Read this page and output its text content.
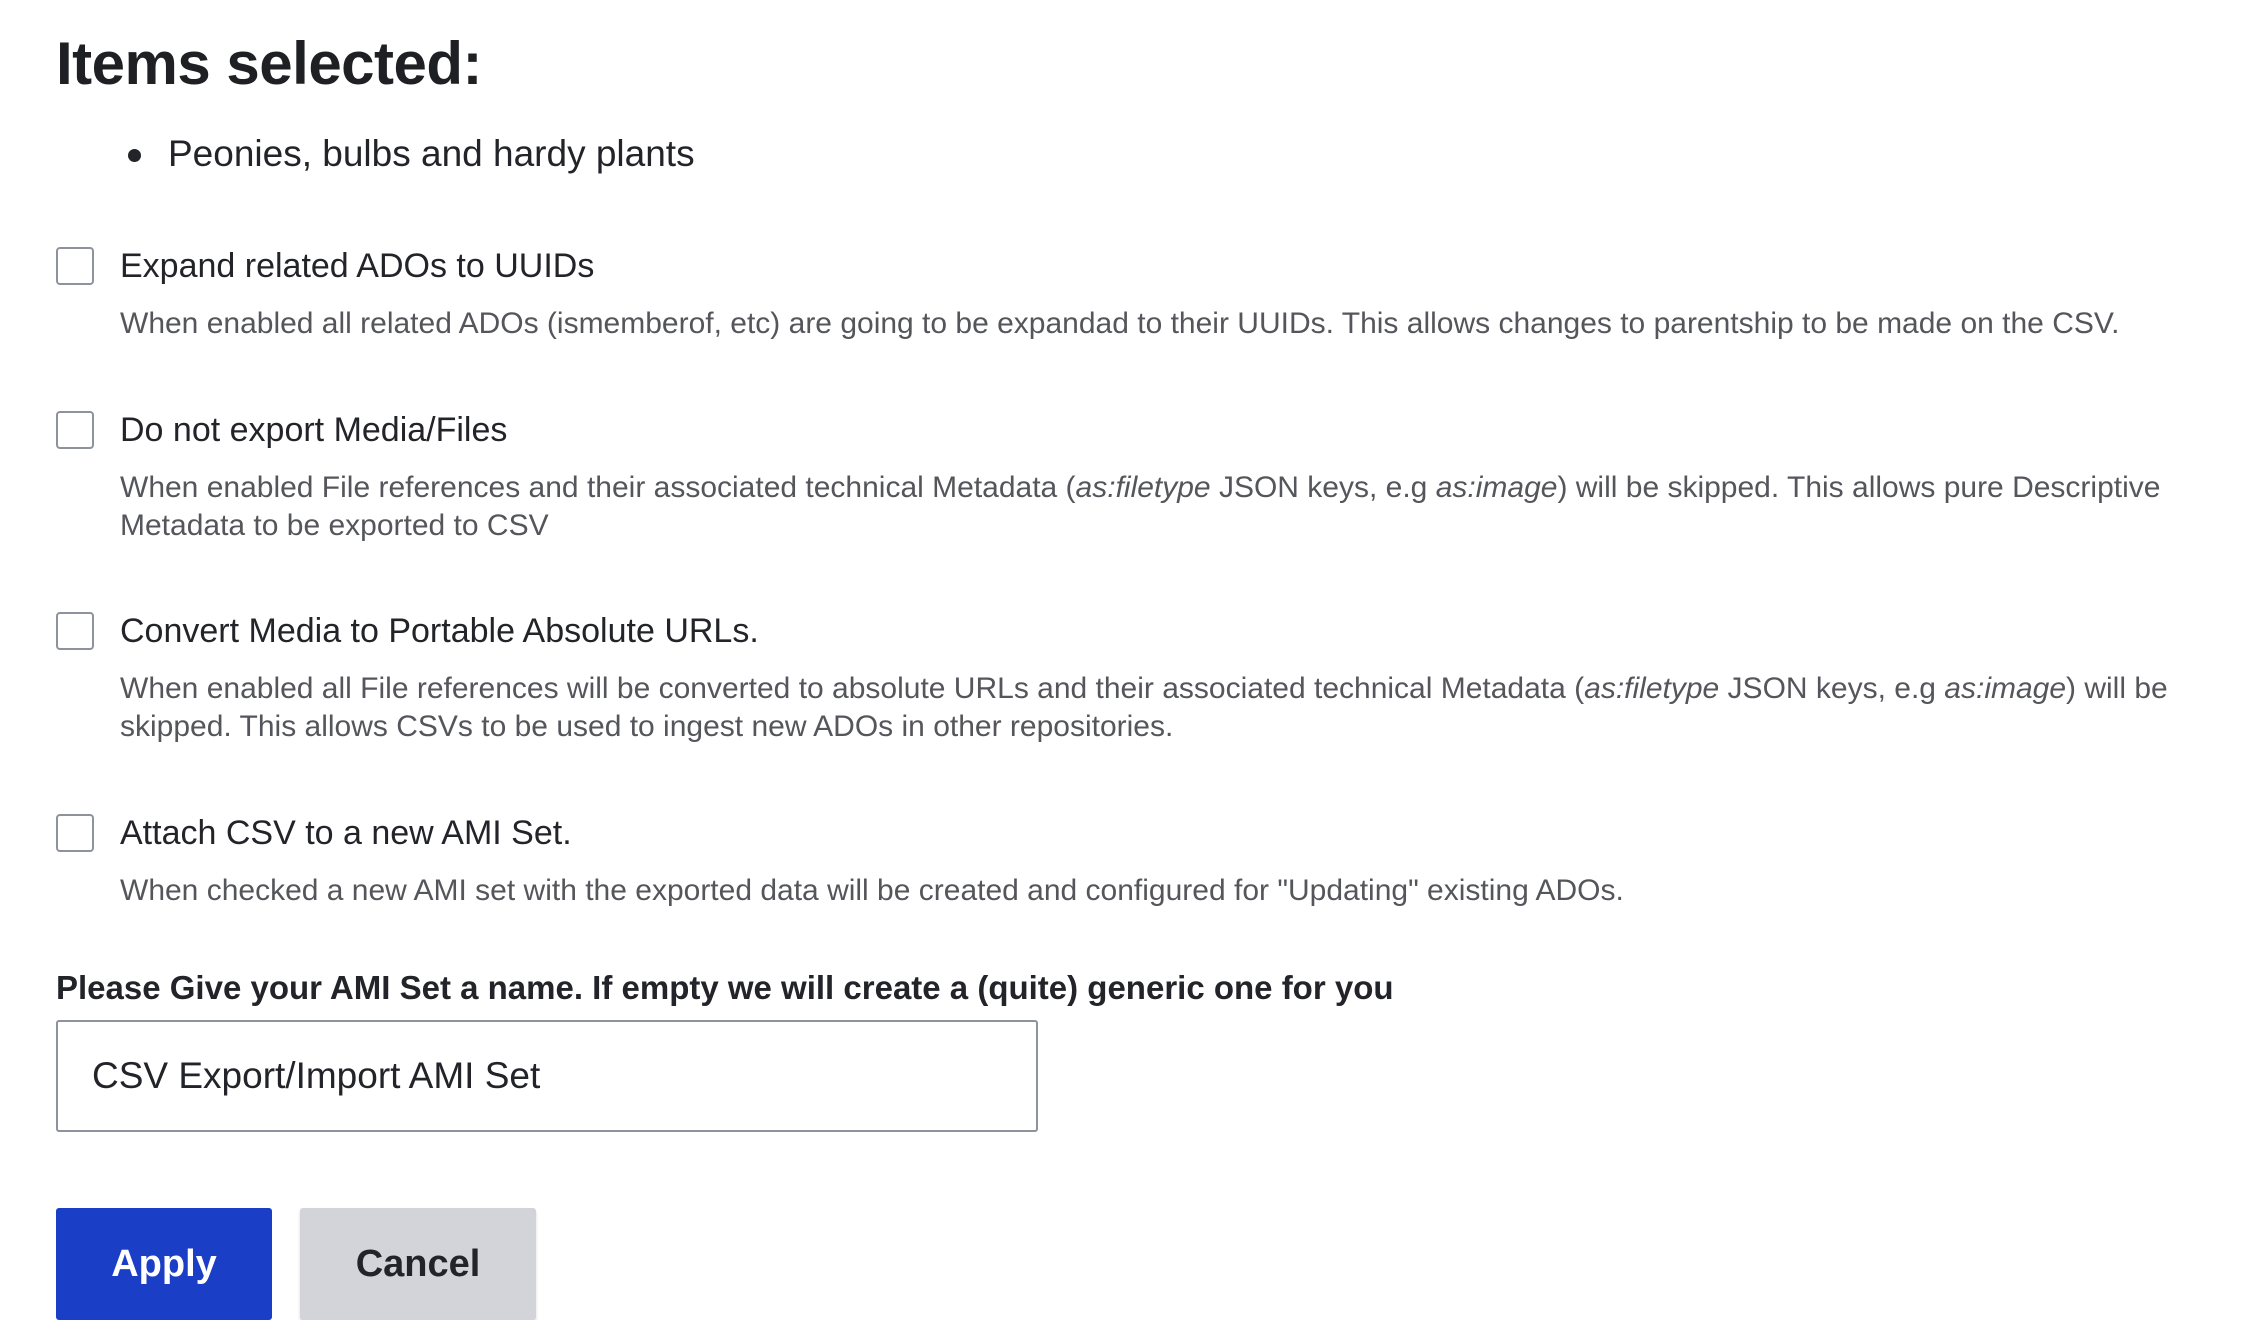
Items selected:
Peonies, bulbs and hardy plants
Expand related ADOs to UUIDs
When enabled all related ADOs (ismemberof, etc) are going to be expandad to their UUIDs. This allows changes to parentship to be made on the CSV.
Do not export Media/Files
When enabled File references and their associated technical Metadata (as:filetype JSON keys, e.g as:image) will be skipped. This allows pure Descriptive Metadata to be exported to CSV
Convert Media to Portable Absolute URLs.
When enabled all File references will be converted to absolute URLs and their associated technical Metadata (as:filetype JSON keys, e.g as:image) will be skipped. This allows CSVs to be used to ingest new ADOs in other repositories.
Attach CSV to a new AMI Set.
When checked a new AMI set with the exported data will be created and configured for "Updating" existing ADOs.
Please Give your AMI Set a name. If empty we will create a (quite) generic one for you
CSV Export/Import AMI Set
Apply	Cancel
